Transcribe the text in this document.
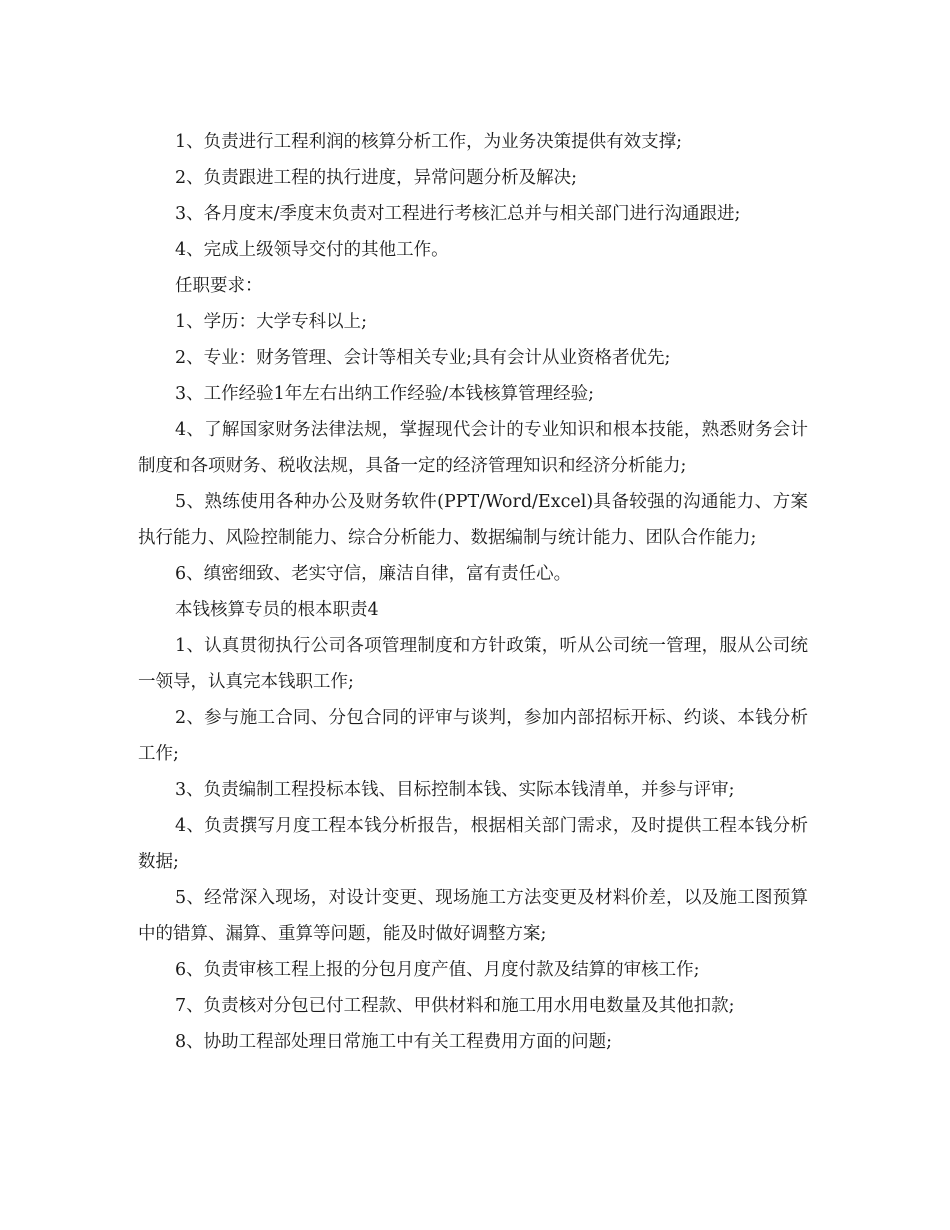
1、负责进行工程利润的核算分析工作，为业务决策提供有效支撑;

2、负责跟进工程的执行进度，异常问题分析及解决;

3、各月度末/季度末负责对工程进行考核汇总并与相关部门进行沟通跟进;

4、完成上级领导交付的其他工作。

任职要求：

1、学历：大学专科以上;

2、专业：财务管理、会计等相关专业;具有会计从业资格者优先;

3、工作经验1年左右出纳工作经验/本钱核算管理经验;

4、了解国家财务法律法规，掌握现代会计的专业知识和根本技能，熟悉财务会计制度和各项财务、税收法规，具备一定的经济管理知识和经济分析能力;

5、熟练使用各种办公及财务软件(PPT/Word/Excel)具备较强的沟通能力、方案执行能力、风险控制能力、综合分析能力、数据编制与统计能力、团队合作能力;

6、缜密细致、老实守信，廉洁自律，富有责任心。

本钱核算专员的根本职责4

1、认真贯彻执行公司各项管理制度和方针政策，听从公司统一管理，服从公司统一领导，认真完本钱职工作;

2、参与施工合同、分包合同的评审与谈判，参加内部招标开标、约谈、本钱分析工作;

3、负责编制工程投标本钱、目标控制本钱、实际本钱清单，并参与评审;

4、负责撰写月度工程本钱分析报告，根据相关部门需求，及时提供工程本钱分析数据;

5、经常深入现场，对设计变更、现场施工方法变更及材料价差，以及施工图预算中的错算、漏算、重算等问题，能及时做好调整方案;

6、负责审核工程上报的分包月度产值、月度付款及结算的审核工作;

7、负责核对分包已付工程款、甲供材料和施工用水用电数量及其他扣款;

8、协助工程部处理日常施工中有关工程费用方面的问题;
